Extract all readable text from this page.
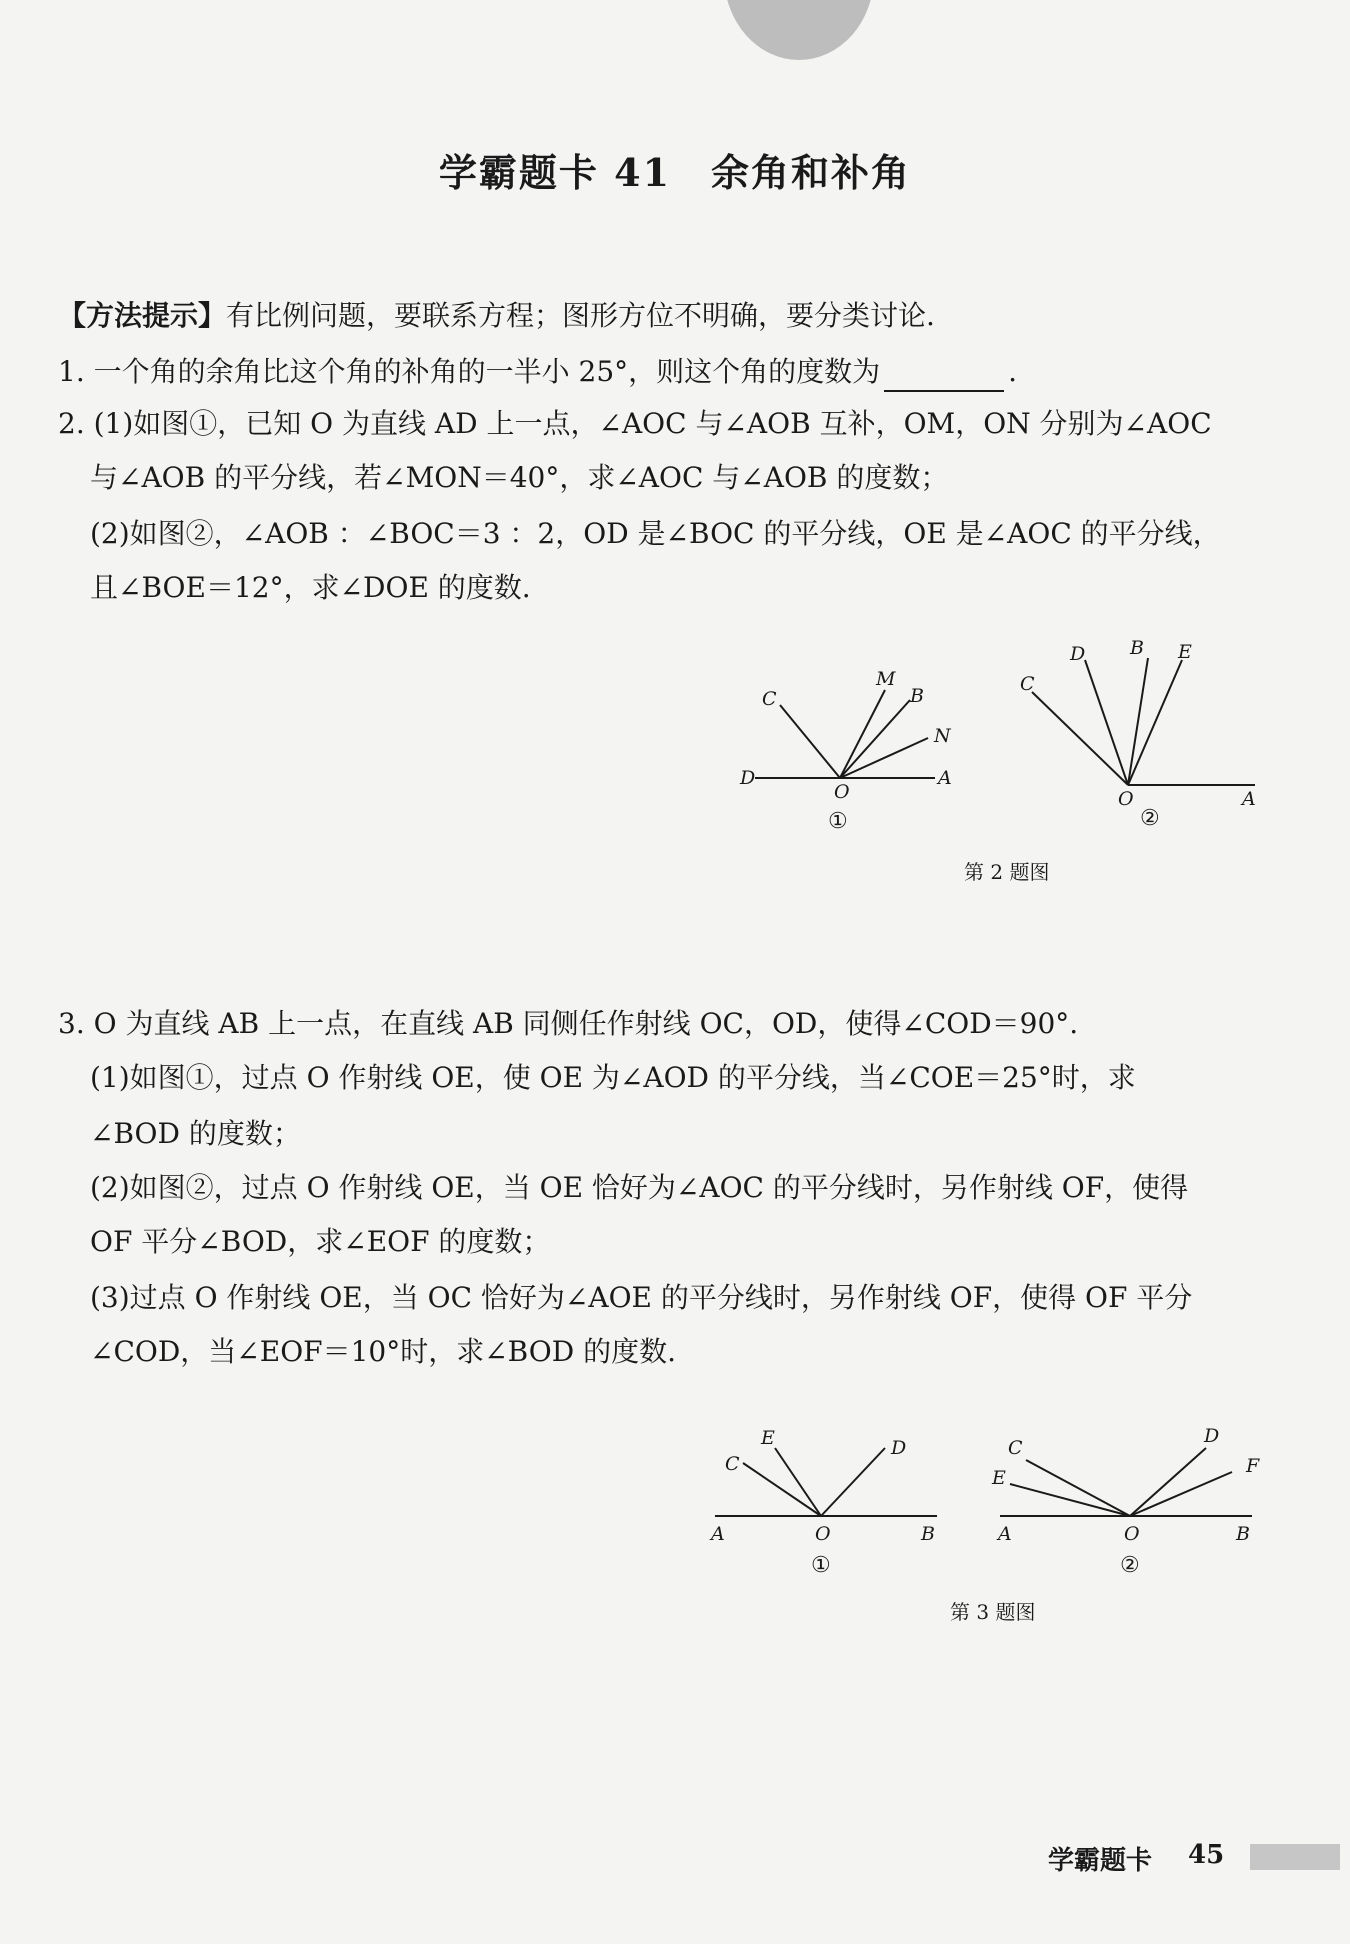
学霸题卡 41 余角和补角
【方法提示】有比例问题，要联系方程；图形方位不明确，要分类讨论.
1. 一个角的余角比这个角的补角的一半小 25°，则这个角的度数为	.
2. (1)如图①，已知 O 为直线 AD 上一点，∠AOC 与∠AOB 互补，OM，ON 分别为∠AOC
与∠AOB 的平分线，若∠MON＝40°，求∠AOC 与∠AOB 的度数；
(2)如图②，∠AOB ：∠BOC＝3 ：2，OD 是∠BOC 的平分线，OE 是∠AOC 的平分线，
且∠BOE＝12°，求∠DOE 的度数.
C
M
B
N
D
O
A
①
C
D B E
O	A
②
第 2 题图
3. O 为直线 AB 上一点，在直线 AB 同侧任作射线 OC，OD，使得∠COD＝90°.
(1)如图①，过点 O 作射线 OE，使 OE 为∠AOD 的平分线，当∠COE＝25°时，求
∠BOD 的度数；
(2)如图②，过点 O 作射线 OE，当 OE 恰好为∠AOC 的平分线时，另作射线 OF，使得
OF 平分∠BOD，求∠EOF 的度数；
(3)过点 O 作射线 OE，当 OC 恰好为∠AOE 的平分线时，另作射线 OF，使得 OF 平分
∠COD，当∠EOF＝10°时，求∠BOD 的度数.
E
C
D
A	O	B
①
C
E
D
F
A	O	B
②
第 3 题图
学霸题卡 45
